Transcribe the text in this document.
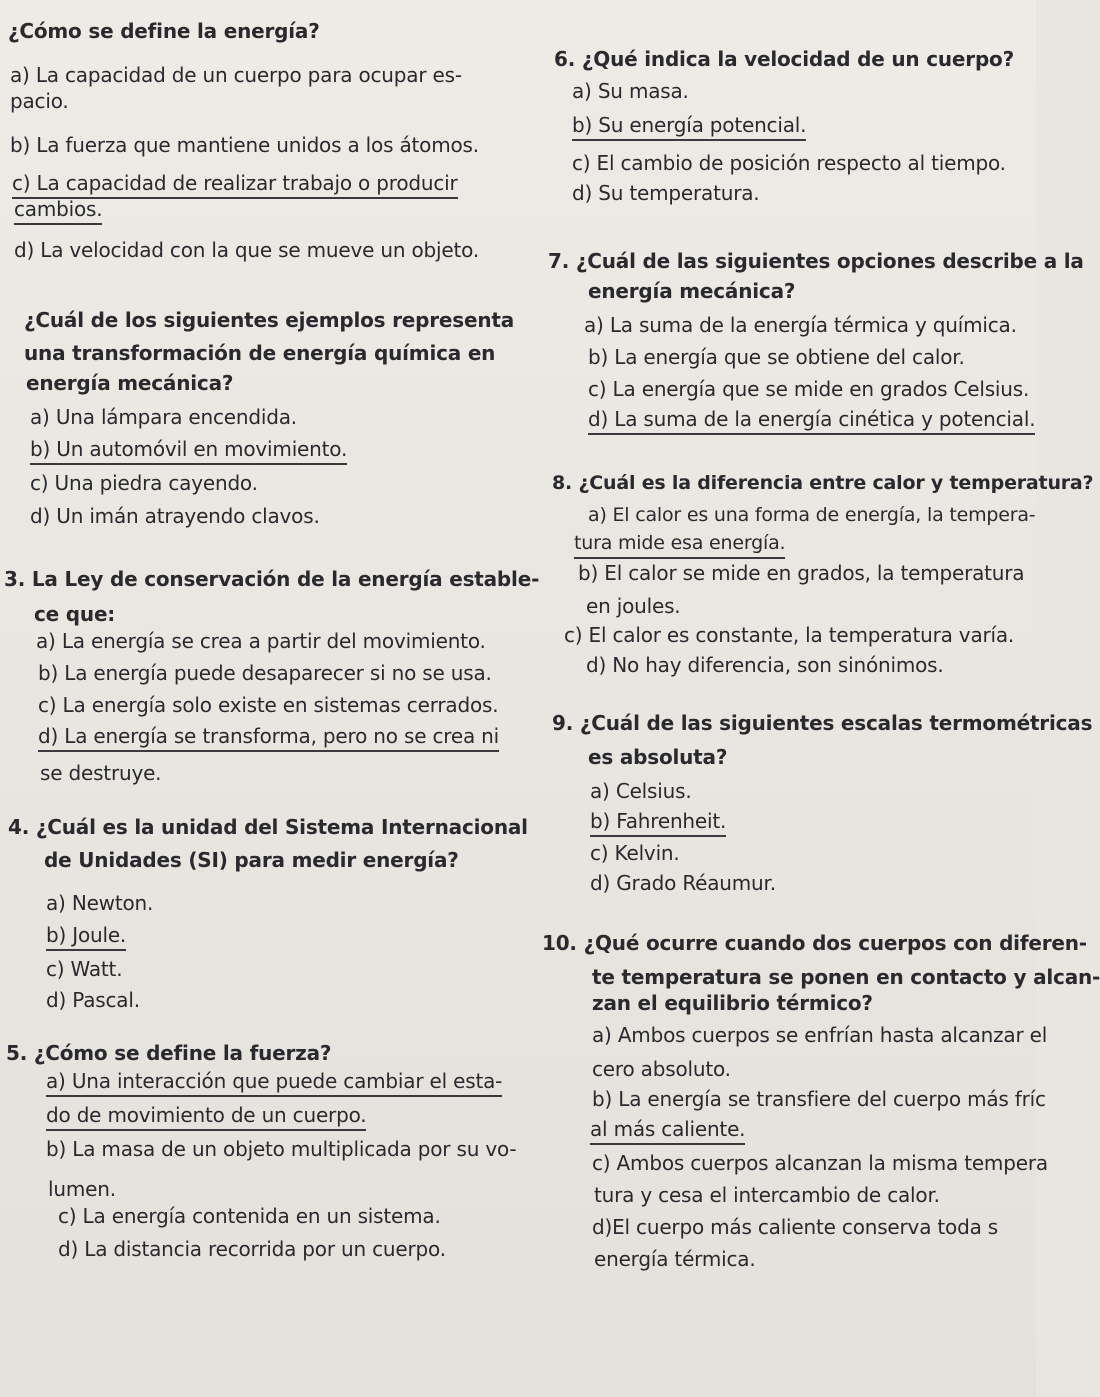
¿Cómo se define la energía?
a) La capacidad de un cuerpo para ocupar es-
pacio.
b) La fuerza que mantiene unidos a los átomos.
c) La capacidad de realizar trabajo o producir
cambios.
d) La velocidad con la que se mueve un objeto.
¿Cuál de los siguientes ejemplos representa
una transformación de energía química en
energía mecánica?
a) Una lámpara encendida.
b) Un automóvil en movimiento.
c) Una piedra cayendo.
d) Un imán atrayendo clavos.
3. La Ley de conservación de la energía estable-
ce que:
a) La energía se crea a partir del movimiento.
b) La energía puede desaparecer si no se usa.
c) La energía solo existe en sistemas cerrados.
d) La energía se transforma, pero no se crea ni
se destruye.
4. ¿Cuál es la unidad del Sistema Internacional
de Unidades (SI) para medir energía?
a) Newton.
b) Joule.
c) Watt.
d) Pascal.
5. ¿Cómo se define la fuerza?
a) Una interacción que puede cambiar el esta-
do de movimiento de un cuerpo.
b) La masa de un objeto multiplicada por su vo-
lumen.
c) La energía contenida en un sistema.
d) La distancia recorrida por un cuerpo.
6. ¿Qué indica la velocidad de un cuerpo?
a) Su masa.
b) Su energía potencial.
c) El cambio de posición respecto al tiempo.
d) Su temperatura.
7. ¿Cuál de las siguientes opciones describe a la
energía mecánica?
a) La suma de la energía térmica y química.
b) La energía que se obtiene del calor.
c) La energía que se mide en grados Celsius.
d) La suma de la energía cinética y potencial.
8. ¿Cuál es la diferencia entre calor y temperatura?
a) El calor es una forma de energía, la tempera-
tura mide esa energía.
b) El calor se mide en grados, la temperatura
en joules.
c) El calor es constante, la temperatura varía.
d) No hay diferencia, son sinónimos.
9. ¿Cuál de las siguientes escalas termométricas
es absoluta?
a) Celsius.
b) Fahrenheit.
c) Kelvin.
d) Grado Réaumur.
10. ¿Qué ocurre cuando dos cuerpos con diferen-
te temperatura se ponen en contacto y alcan-
zan el equilibrio térmico?
a) Ambos cuerpos se enfrían hasta alcanzar el
cero absoluto.
b) La energía se transfiere del cuerpo más fríc
al más caliente.
c) Ambos cuerpos alcanzan la misma tempera
tura y cesa el intercambio de calor.
d)El cuerpo más caliente conserva toda s
energía térmica.
